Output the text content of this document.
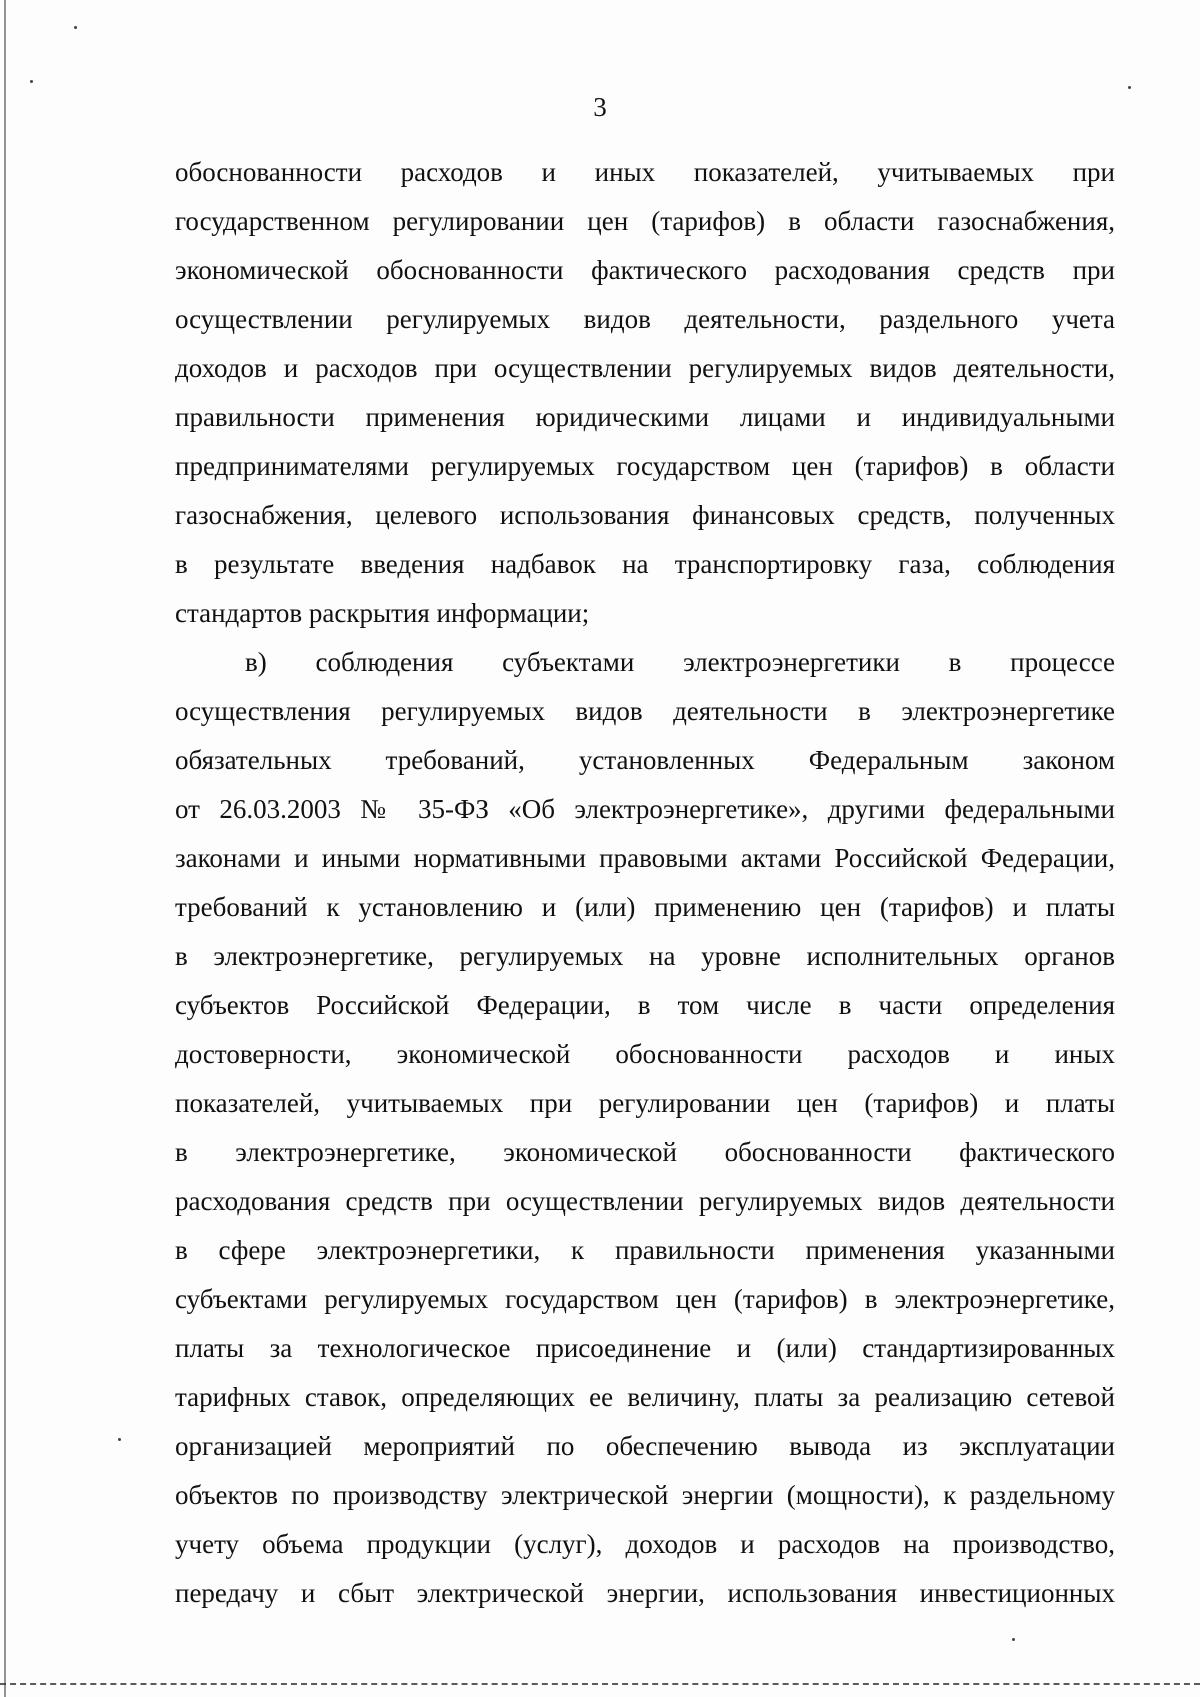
3
обоснованности расходов и иных показателей, учитываемых при
государственном регулировании цен (тарифов) в области газоснабжения,
экономической обоснованности фактического расходования средств при
осуществлении регулируемых видов деятельности, раздельного учета
доходов и расходов при осуществлении регулируемых видов деятельности,
правильности применения юридическими лицами и индивидуальными
предпринимателями регулируемых государством цен (тарифов) в области
газоснабжения, целевого использования финансовых средств, полученных
в результате введения надбавок на транспортировку газа, соблюдения
стандартов раскрытия информации;
в) соблюдения субъектами электроэнергетики в процессе
осуществления регулируемых видов деятельности в электроэнергетике
обязательных требований, установленных Федеральным законом
от 26.03.2003 № 35-ФЗ «Об электроэнергетике», другими федеральными
законами и иными нормативными правовыми актами Российской Федерации,
требований к установлению и (или) применению цен (тарифов) и платы
в электроэнергетике, регулируемых на уровне исполнительных органов
субъектов Российской Федерации, в том числе в части определения
достоверности, экономической обоснованности расходов и иных
показателей, учитываемых при регулировании цен (тарифов) и платы
в электроэнергетике, экономической обоснованности фактического
расходования средств при осуществлении регулируемых видов деятельности
в сфере электроэнергетики, к правильности применения указанными
субъектами регулируемых государством цен (тарифов) в электроэнергетике,
платы за технологическое присоединение и (или) стандартизированных
тарифных ставок, определяющих ее величину, платы за реализацию сетевой
организацией мероприятий по обеспечению вывода из эксплуатации
объектов по производству электрической энергии (мощности), к раздельному
учету объема продукции (услуг), доходов и расходов на производство,
передачу и сбыт электрической энергии, использования инвестиционных
